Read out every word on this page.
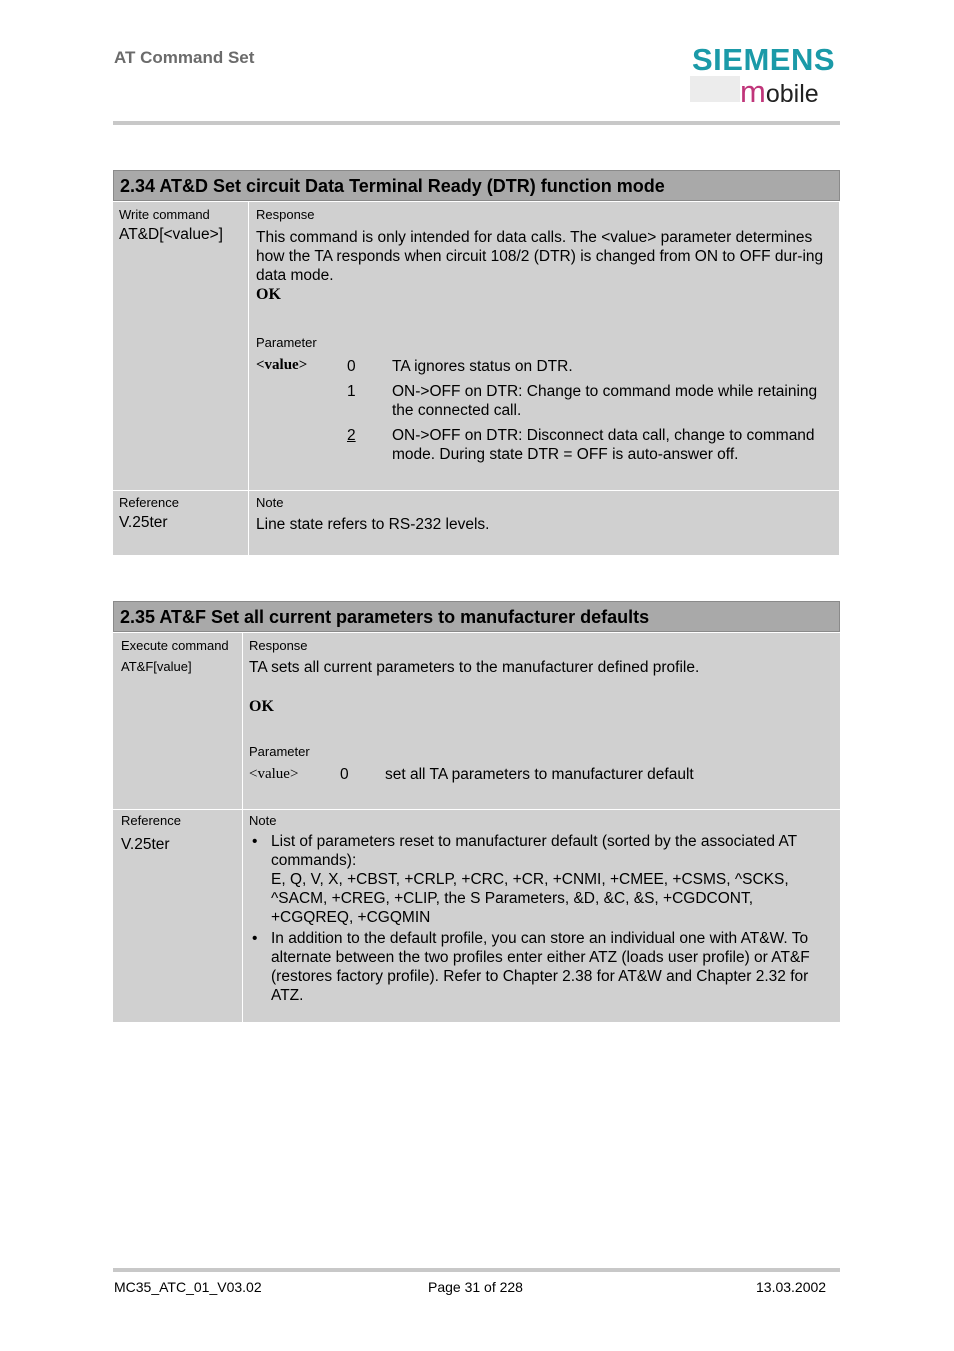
AT Command Set	SIEMENS
mobile
2.34 AT&D Set circuit Data Terminal Ready (DTR) function mode
Write command
AT&D[<value>]
Response
This command is only intended for data calls. The <value> parameter determines how the TA responds when circuit 108/2 (DTR) is changed from ON to OFF dur-ing data mode.
OK
Parameter
<value>	0 TA ignores status on DTR.
1 ON->OFF on DTR: Change to command mode while retaining the connected call.
2 ON->OFF on DTR: Disconnect data call, change to command mode. During state DTR = OFF is auto-answer off.
Reference
V.25ter
Note
Line state refers to RS-232 levels.
2.35 AT&F Set all current parameters to manufacturer defaults
Execute command
AT&F[value]
Response
TA sets all current parameters to the manufacturer defined profile.
OK
Parameter
<value>	0 set all TA parameters to manufacturer default
Reference
V.25ter
Note
• List of parameters reset to manufacturer default (sorted by the associated AT commands):
E, Q, V, X, +CBST, +CRLP, +CRC, +CR, +CNMI, +CMEE, +CSMS, ^SCKS, ^SACM, +CREG, +CLIP, the S Parameters, &D, &C, &S, +CGDCONT, +CGQREQ, +CGQMIN
• In addition to the default profile, you can store an individual one with AT&W. To alternate between the two profiles enter either ATZ (loads user profile) or AT&F (restores factory profile). Refer to Chapter 2.38 for AT&W and Chapter 2.32 for ATZ.
MC35_ATC_01_V03.02	Page 31 of 228	13.03.2002
